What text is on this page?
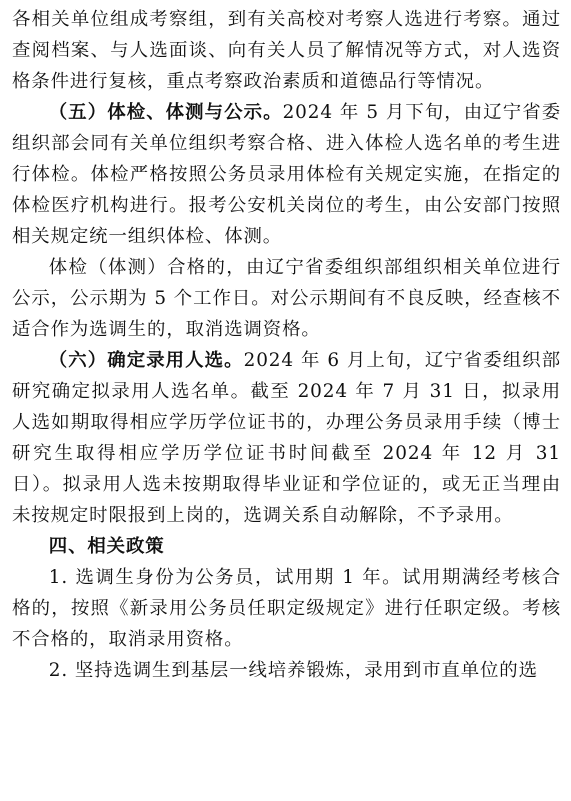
各相关单位组成考察组，到有关高校对考察人选进行考察。通过查阅档案、与人选面谈、向有关人员了解情况等方式，对人选资格条件进行复核，重点考察政治素质和道德品行等情况。

（五）体检、体测与公示。2024 年 5 月下旬，由辽宁省委组织部会同有关单位组织考察合格、进入体检人选名单的考生进行体检。体检严格按照公务员录用体检有关规定实施，在指定的体检医疗机构进行。报考公安机关岗位的考生，由公安部门按照相关规定统一组织体检、体测。

体检（体测）合格的，由辽宁省委组织部组织相关单位进行公示，公示期为 5 个工作日。对公示期间有不良反映，经查核不适合作为选调生的，取消选调资格。

（六）确定录用人选。2024 年 6 月上旬，辽宁省委组织部研究确定拟录用人选名单。截至 2024 年 7 月 31 日，拟录用人选如期取得相应学历学位证书的，办理公务员录用手续（博士研究生取得相应学历学位证书时间截至 2024 年 12 月 31 日）。拟录用人选未按期取得毕业证和学位证的，或无正当理由未按规定时限报到上岗的，选调关系自动解除，不予录用。

四、相关政策

1. 选调生身份为公务员，试用期 1 年。试用期满经考核合格的，按照《新录用公务员任职定级规定》进行任职定级。考核不合格的，取消录用资格。

2. 坚持选调生到基层一线培养锻炼，录用到市直单位的选
